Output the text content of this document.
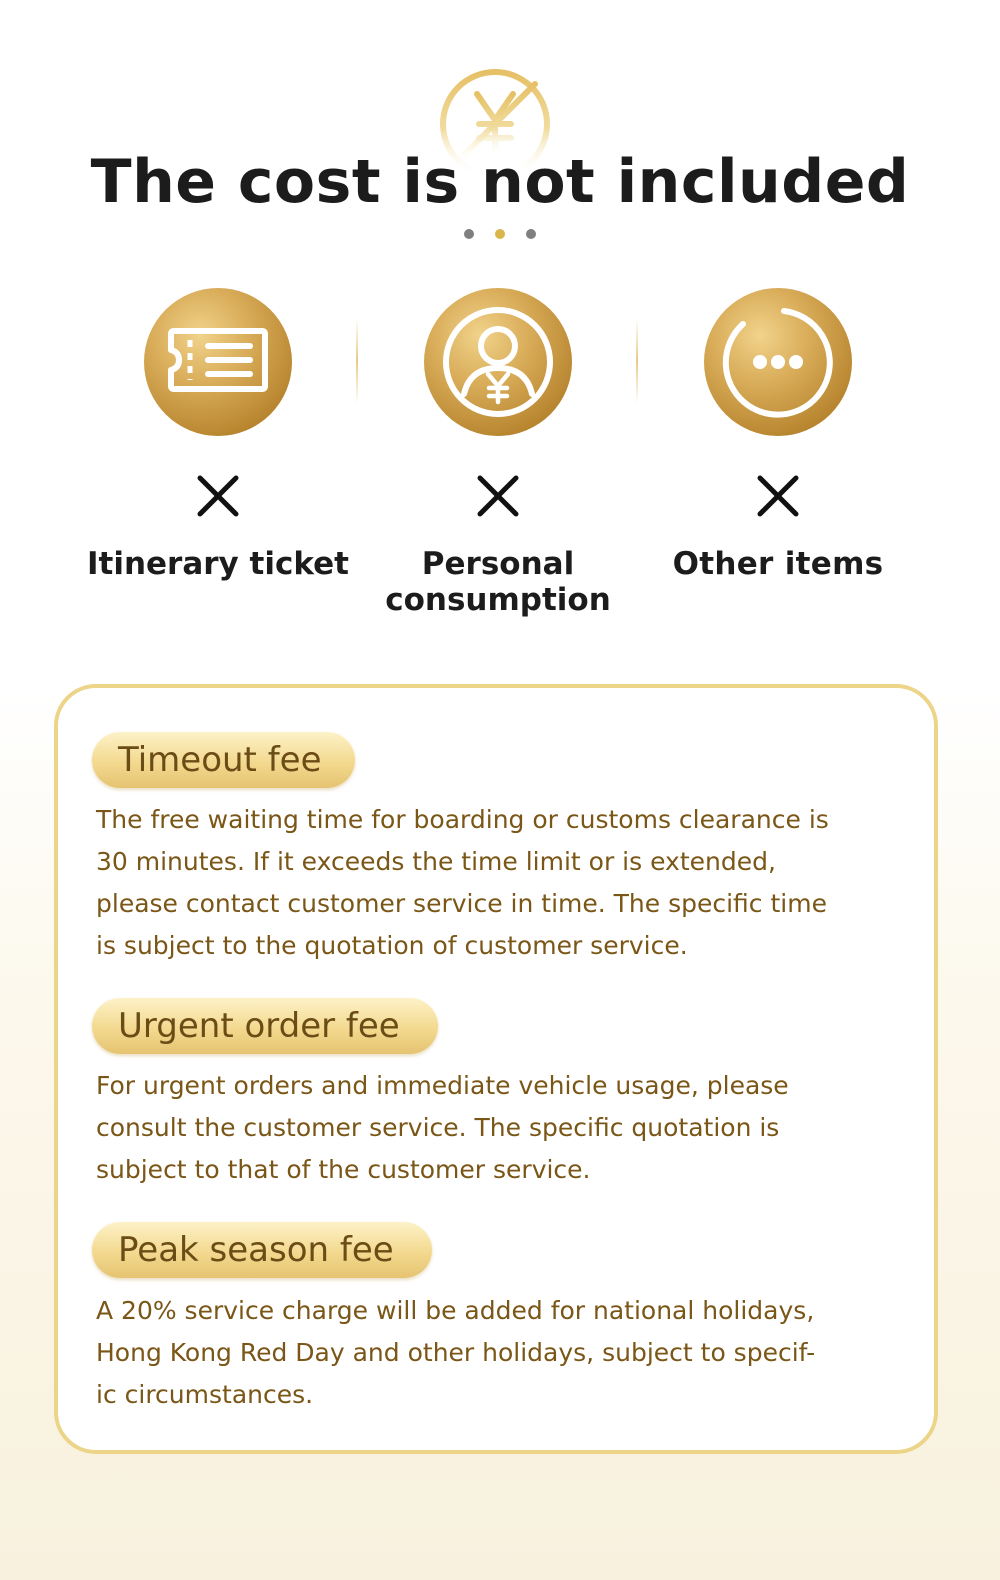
The cost is not included
Itinerary ticket	Personal
consumption
Other items
Timeout fee
The free waiting time for boarding or customs clearance is
30 minutes. If it exceeds the time limit or is extended,
please contact customer service in time. The specific time
is subject to the quotation of customer service.
Urgent order fee
For urgent orders and immediate vehicle usage, please
consult the customer service. The specific quotation is
subject to that of the customer service.
Peak season fee
A 20% service charge will be added for national holidays,
Hong Kong Red Day and other holidays, subject to specif-
ic circumstances.
